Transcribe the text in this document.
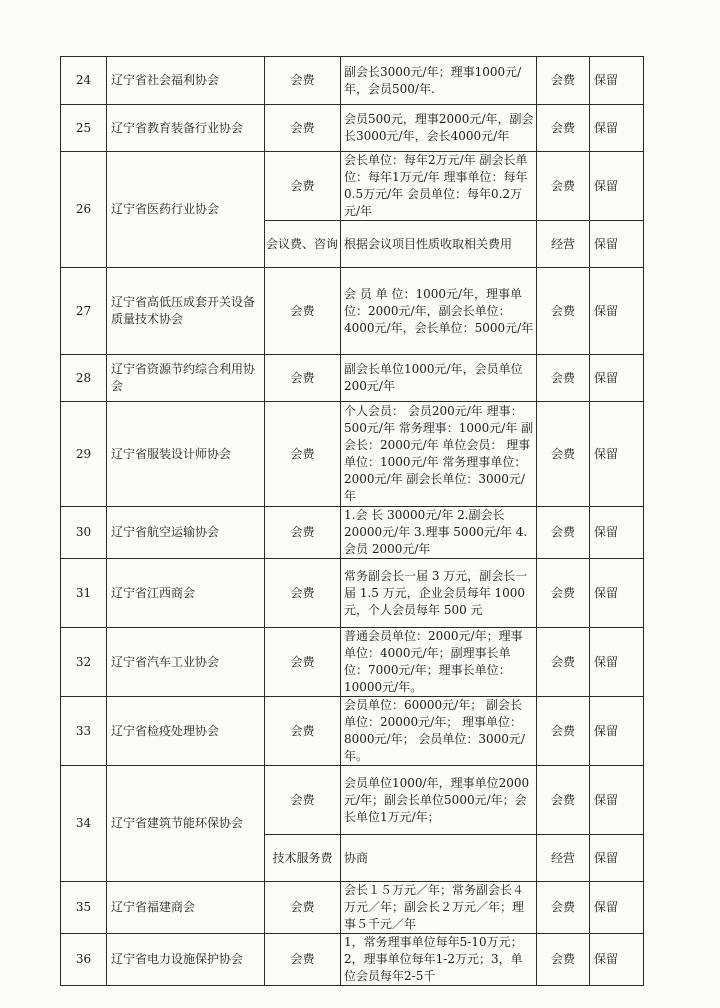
24	辽宁省社会福利协会	会费	副会长3000元/年；理事1000元/年，会员500/年.	会费	保留
25	辽宁省教育装备行业协会	会费	会员500元，理事2000元/年，副会长3000元/年，会长4000元/年	会费	保留
26	辽宁省医药行业协会	会费	会长单位：每年2万元/年 副会长单位：每年1万元/年 理事单位：每年0.5万元/年 会员单位：每年0.2万元/年	会费	保留
		会议费、咨询	根据会议项目性质收取相关费用	经营	保留
27	辽宁省高低压成套开关设备质量技术协会	会费	会 员 单 位：1000元/年，理事单位：2000元/年，副会长单位：4000元/年，会长单位：5000元/年	会费	保留
28	辽宁省资源节约综合利用协会	会费	副会长单位1000元/年，会员单位200元/年	会费	保留
29	辽宁省服装设计师协会	会费	个人会员： 会员200元/年 理事：500元/年 常务理事：1000元/年 副会长：2000元/年 单位会员： 理事单位：1000元/年 常务理事单位：2000元/年 副会长单位：3000元/年	会费	保留
30	辽宁省航空运输协会	会费	1.会 长 30000元/年 2.副会长20000元/年 3.理事 5000元/年 4.会员 2000元/年	会费	保留
31	辽宁省江西商会	会费	常务副会长一届 3 万元，副会长一届 1.5 万元，企业会员每年 1000 元，个人会员每年 500 元	会费	保留
32	辽宁省汽车工业协会	会费	普通会员单位：2000元/年；理事单位：4000元/年；副理事长单位：7000元/年；理事长单位：10000元/年。	会费	保留
33	辽宁省检疫处理协会	会费	会员单位：60000元/年； 副会长单位：20000元/年； 理事单位：8000元/年； 会员单位：3000元/年。	会费	保留
34	辽宁省建筑节能环保协会	会费	会员单位1000/年，理事单位2000元/年；副会长单位5000元/年；会长单位1万元/年；	会费	保留
		技术服务费	协商	经营	保留
35	辽宁省福建商会	会费	会长１５万元／年；常务副会长４万元／年；副会长２万元／年；理事５千元／年	会费	保留
36	辽宁省电力设施保护协会	会费	1，常务理事单位每年5-10万元；2，理事单位每年1-2万元；3，单位会员每年2-5千	会费	保留
